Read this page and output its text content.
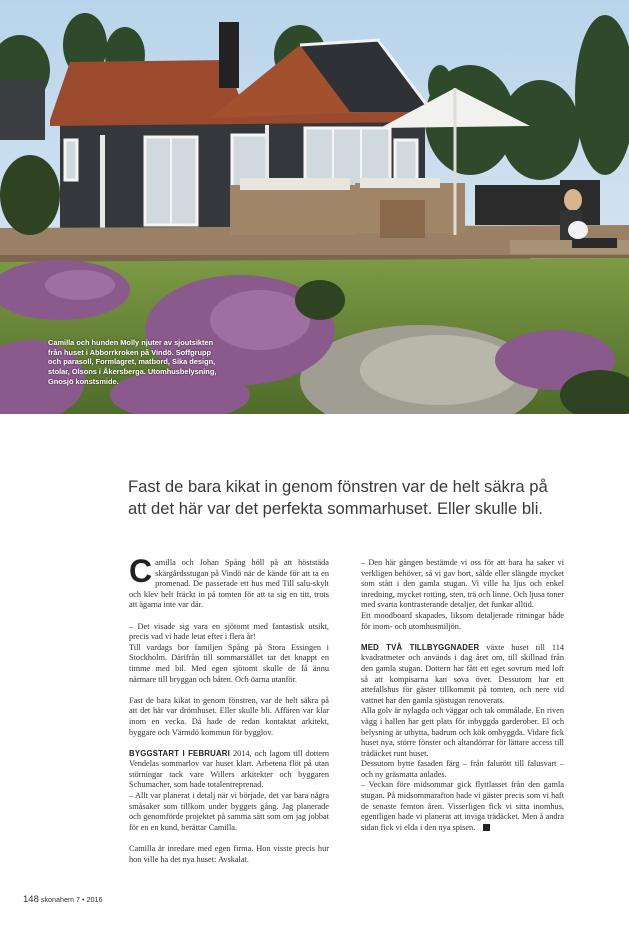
Camilla och hunden Molly njuter av sjoutsikten från huset i Abborrkroken på Vindö. Soffgrupp och parasoll, Formlagret, matbord, Sika design, stolar, Olsons i Åkersberga. Utomhusbelysning, Gnosjö konstsmide.
Fast de bara kikat in genom fönstren var de helt säkra på att det här var det perfekta sommarhuset. Eller skulle bli.

Camilla och Johan Spång höll på att höststäda skärgårdsstugan på Vindö när de kände för att ta en promenad. De passerade ett hus med Till salu-skylt och klev helt fräckt in på tomten för att ta sig en titt, trots att ägarna inte var där.

– Det visade sig vara en sjötomt med fantastisk utsikt, precis vad vi hade letat efter i flera år!

Till vardags bor familjen Spång på Stora Essingen i Stockholm. Därifrån till sommarstället tar det knappt en timme med bil. Med egen sjötomt skulle de få ännu närmare till bryggan och båten. Och öarna utanför.

Fast de bara kikat in genom fönstren, var de helt säkra på att det här var drömhuset. Eller skulle bli. Affären var klar inom en vecka. Då hade de redan kontaktat arkitekt, byggare och Värmdö kommun för bygglov.

BYGGSTART I FEBRUARI 2014, och lagom till dottern Vendelas sommarlov var huset klart. Arbetena flöt på utan störningar tack vare Willers arkitekter och byggaren Schumacher, som hade totalentreprenad.

– Allt var planerat i detalj när vi började, det var bara några småsaker som tillkom under byggets gång. Jag planerade och genomförde projektet på samma sätt som om jag jobbat för en en kund, berättar Camilla.

Camilla är inredare med egen firma. Hon visste precis hur hon ville ha det nya huset: Avskalat.

– Den här gången bestämde vi oss för att bara ha saker vi verkligen behöver, så vi gav bort, sålde eller slängde mycket som stått i den gamla stugan. Vi ville ha ljus och enkel inredning, mycket rotting, sten, trä och linne. Och ljusa toner med svarta kontrasterande detaljer, det funkar alltid.

Ett moodboard skapades, liksom detaljerade ritningar både för inom- och utomhusmiljön.

MED TVÅ TILLBYGGNADER växte huset till 114 kvadratmeter och används i dag året om, till skillnad från den gamla stugan. Dottern har fått ett eget sovrum med loft så att kompisarna kan sova över. Dessutom har ett attefallshus för gäster tillkommit på tomten, och nere vid vattnet har den gamla sjöstugan renoverats.

Alla golv är nylagda och väggar och tak ommålade. En riven vägg i hallen har gett plats för inbyggda garderober. El och belysning är utbytta, badrum och kök ombyggda. Vidare fick huset nya, större fönster och altandörrar för lättare access till trädäcket runt huset.

Dessutom bytte fasaden färg – från falurött till falusvart – och ny gräsmatta anlades.

– Veckan före midsommar gick flyttlasset från den gamla stugan. På midsommarafton hade vi gäster precis som vi haft de senaste femton åren. Visserligen fick vi sitta inomhus, egentligen hade vi planerat att inviga trädäcket. Men å andra sidan fick vi elda i den nya spisen.

148 skonahem 7 • 2016
